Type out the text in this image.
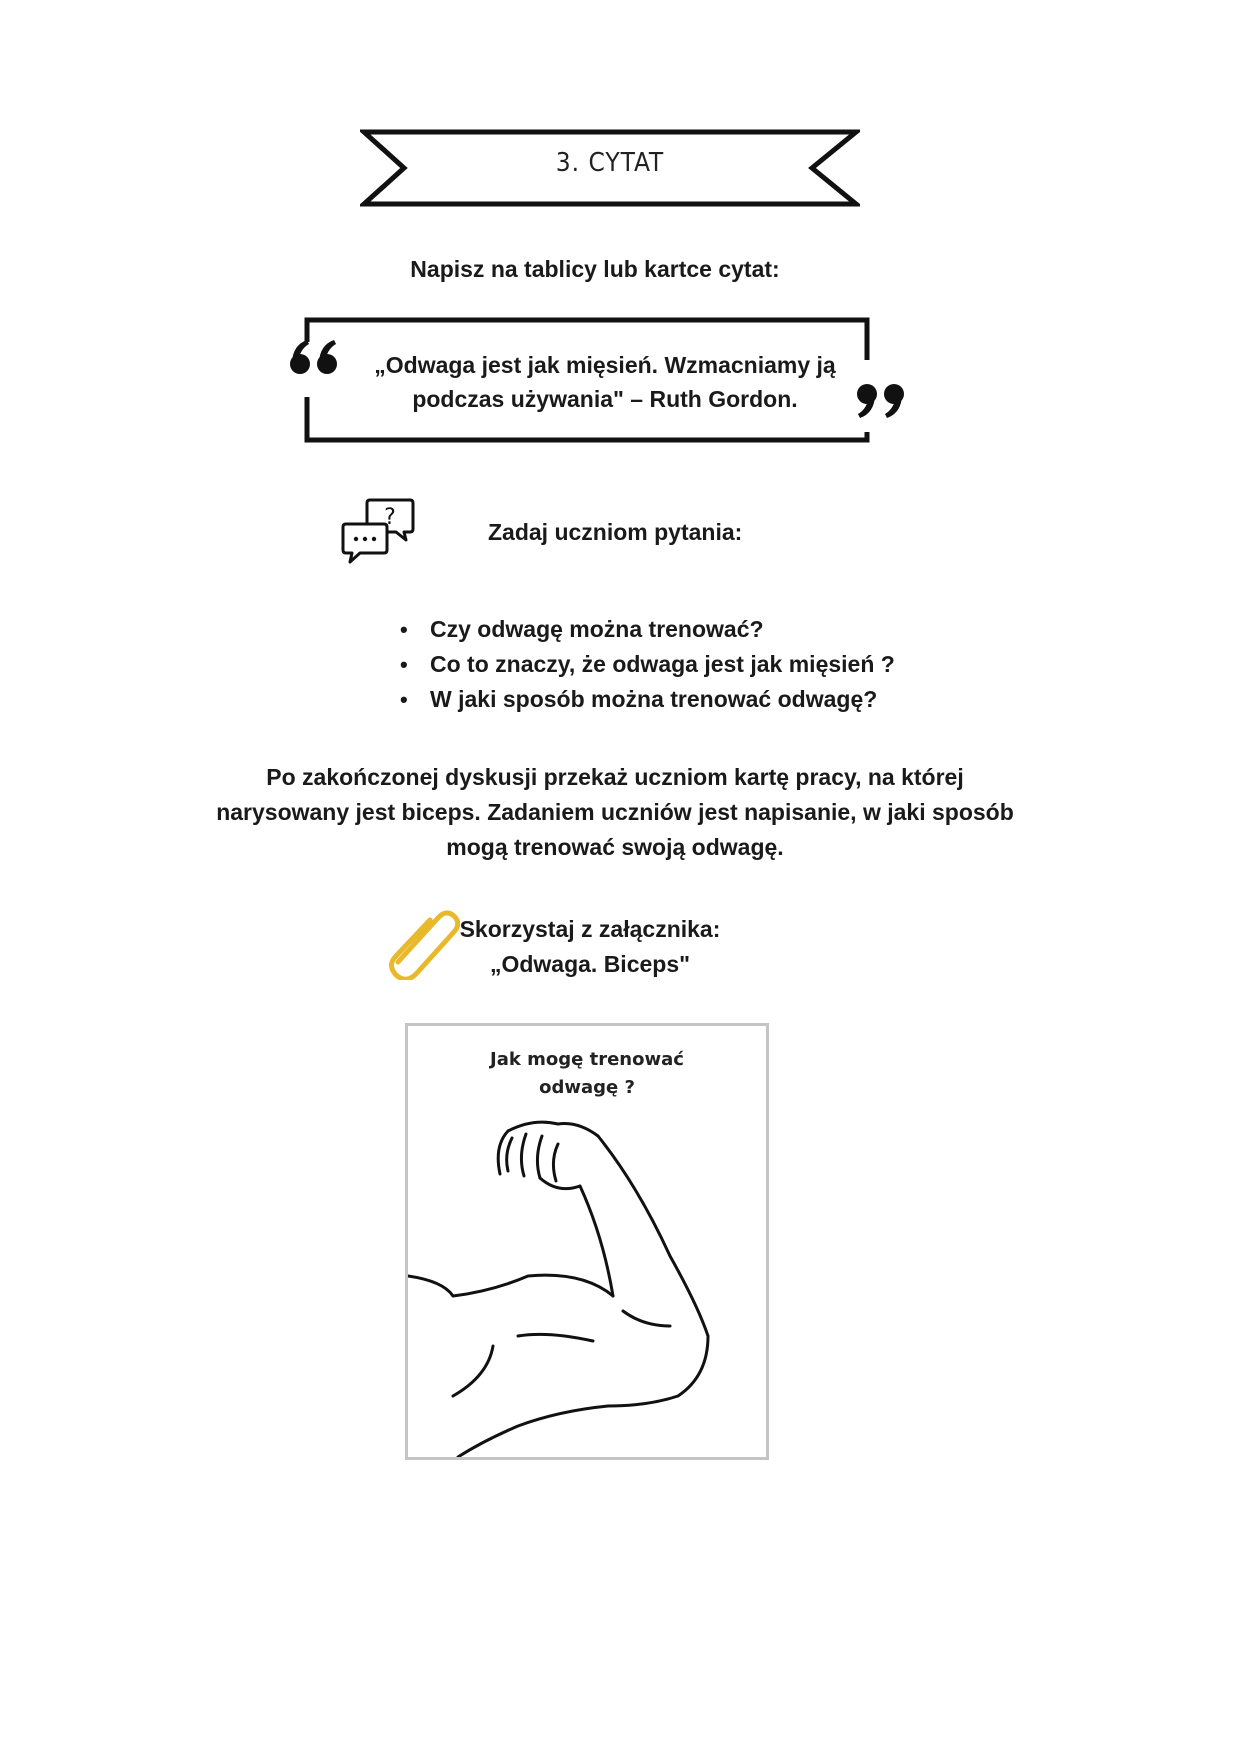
3. CYTAT
Napisz na tablicy lub kartce cytat:
„Odwaga jest jak mięsień. Wzmacniamy ją
podczas używania" – Ruth Gordon.
?
Zadaj uczniom pytania:
• Czy odwagę można trenować?
• Co to znaczy, że odwaga jest jak mięsień ?
• W jaki sposób można trenować odwagę?
Po zakończonej dyskusji przekaż uczniom kartę pracy, na której
narysowany jest biceps. Zadaniem uczniów jest napisanie, w jaki sposób
mogą trenować swoją odwagę.
Skorzystaj z załącznika:
„Odwaga. Biceps"
Jak mogę trenować
odwagę ?
